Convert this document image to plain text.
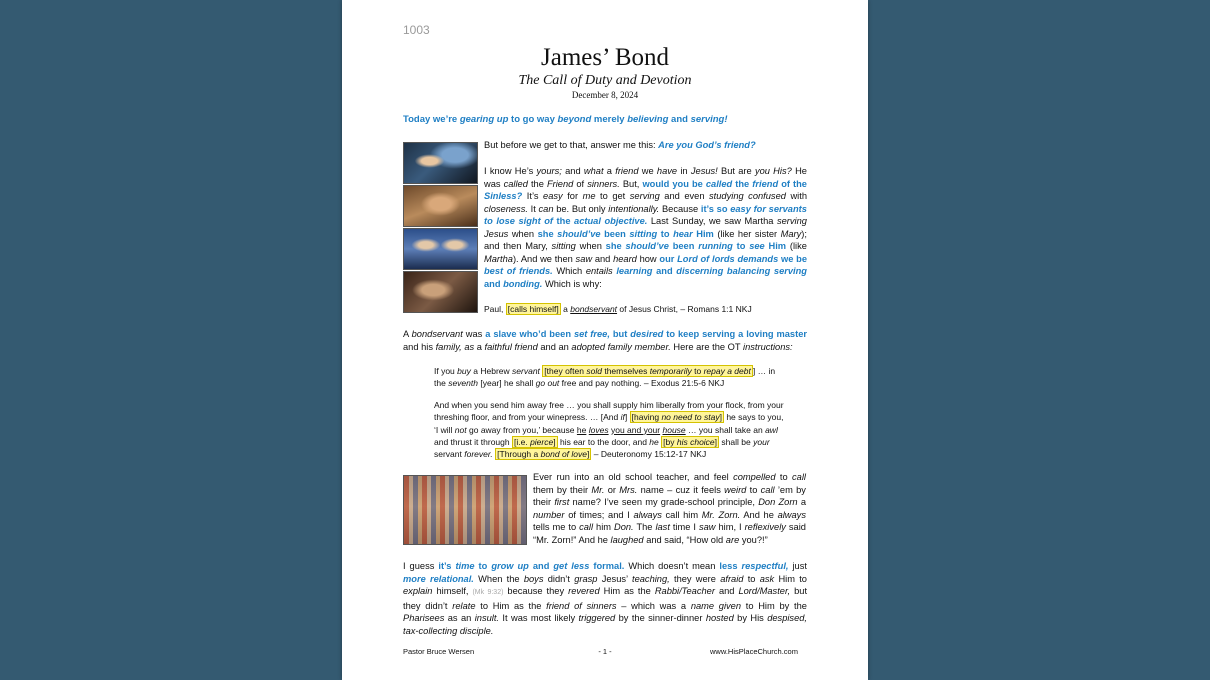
1003
James’ Bond
The Call of Duty and Devotion
December 8, 2024
Today we’re gearing up to go way beyond merely believing and serving!
But before we get to that, answer me this: Are you God’s friend?
I know He’s yours; and what a friend we have in Jesus! But are you His? He was called the Friend of sinners. But, would you be called the friend of the Sinless? It’s easy for me to get serving and even studying confused with closeness. It can be. But only intentionally. Because it’s so easy for servants to lose sight of the actual objective. Last Sunday, we saw Martha serving Jesus when she should’ve been sitting to hear Him (like her sister Mary); and then Mary, sitting when she should’ve been running to see Him (like Martha). And we then saw and heard how our Lord of lords demands we be best of friends. Which entails learning and discerning balancing serving and bonding. Which is why:
Paul, [calls himself] a bondservant of Jesus Christ, – Romans 1:1 NKJ
A bondservant was a slave who’d been set free, but desired to keep serving a loving master and his family, as a faithful friend and an adopted family member. Here are the OT instructions:
If you buy a Hebrew servant [they often sold themselves temporarily to repay a debt ] … in the seventh [year] he shall go out free and pay nothing. – Exodus 21:5-6 NKJ
And when you send him away free … you shall supply him liberally from your flock, from your threshing floor, and from your winepress. … [And if] [having no need to stay] he says to you, ‘I will not go away from you,’ because he loves you and your house … you shall take an awl and thrust it through [i.e. pierce] his ear to the door, and he [by his choice] shall be your servant forever. [Through a bond of love] – Deuteronomy 15:12-17 NKJ
Ever run into an old school teacher, and feel compelled to call them by their Mr. or Mrs. name – cuz it feels weird to call ’em by their first name? I’ve seen my grade-school principle, Don Zorn a number of times; and I always call him Mr. Zorn. And he always tells me to call him Don. The last time I saw him, I reflexively said “Mr. Zorn!” And he laughed and said, “How old are you?!”
I guess it’s time to grow up and get less formal. Which doesn’t mean less respectful, just more relational. When the boys didn’t grasp Jesus’ teaching, they were afraid to ask Him to explain himself, (Mk 9:32) because they revered Him as the Rabbi/Teacher and Lord/Master, but they didn’t relate to Him as the friend of sinners – which was a name given to Him by the Pharisees as an insult. It was most likely triggered by the sinner-dinner hosted by His despised, tax-collecting disciple.
Pastor Bruce Wersen	- 1 -	www.HisPlaceChurch.com
